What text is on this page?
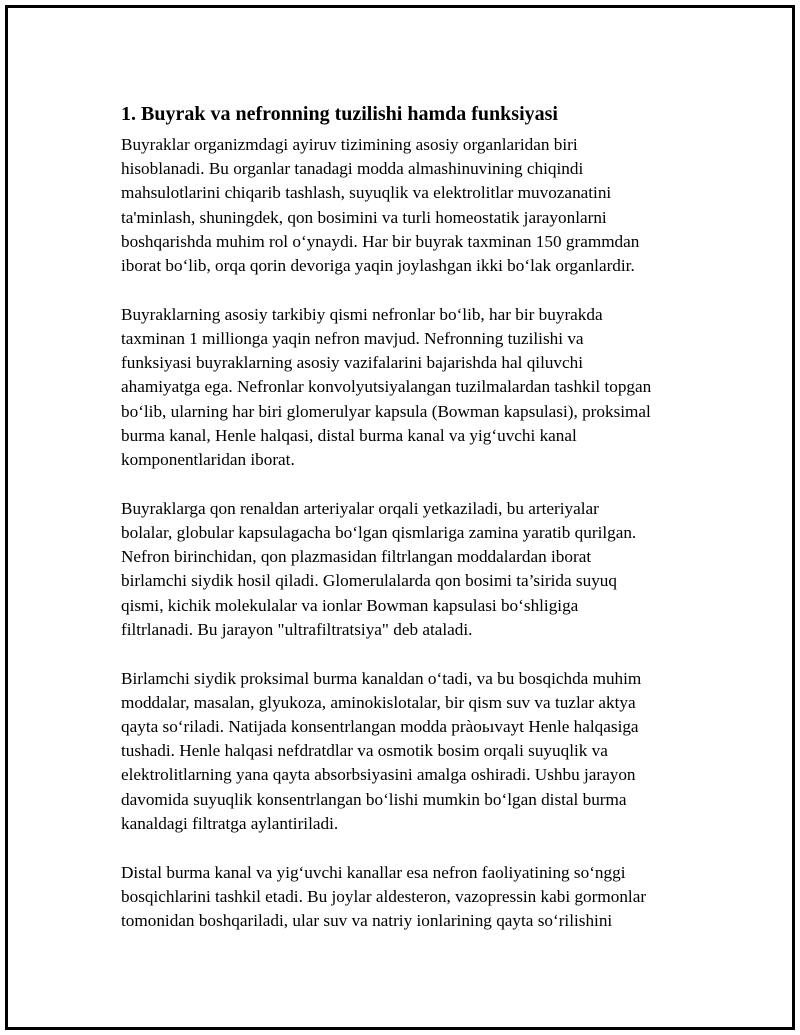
1. Buyrak va nefronning tuzilishi hamda funksiyasi

Buyraklar organizmdagi ayiruv tizimining asosiy organlaridan biri
hisoblanadi. Bu organlar tanadagi modda almashinuvining chiqindi
mahsulotlarini chiqarib tashlash, suyuqlik va elektrolitlar muvozanatini
ta'minlash, shuningdek, qon bosimini va turli homeostatik jarayonlarni
boshqarishda muhim rol o‘ynaydi. Har bir buyrak taxminan 150 grammdan
iborat bo‘lib, orqa qorin devoriga yaqin joylashgan ikki bo‘lak organlardir.

Buyraklarning asosiy tarkibiy qismi nefronlar bo‘lib, har bir buyrakda
taxminan 1 millionga yaqin nefron mavjud. Nefronning tuzilishi va
funksiyasi buyraklarning asosiy vazifalarini bajarishda hal qiluvchi
ahamiyatga ega. Nefronlar konvolyutsiyalangan tuzilmalardan tashkil topgan
bo‘lib, ularning har biri glomerulyar kapsula (Bowman kapsulasi), proksimal
burma kanal, Henle halqasi, distal burma kanal va yig‘uvchi kanal
komponentlaridan iborat.

Buyraklarga qon renaldan arteriyalar orqali yetkaziladi, bu arteriyalar
bolalar, globular kapsulagacha bo‘lgan qismlariga zamina yaratib qurilgan.
Nefron birinchidan, qon plazmasidan filtrlangan moddalardan iborat
birlamchi siydik hosil qiladi. Glomerulalarda qon bosimi ta’sirida suyuq
qismi, kichik molekulalar va ionlar Bowman kapsulasi bo‘shligiga
filtrlanadi. Bu jarayon "ultrafiltratsiya" deb ataladi.

Birlamchi siydik proksimal burma kanaldan o‘tadi, va bu bosqichda muhim
moddalar, masalan, glyukoza, aminokislotalar, bir qism suv va tuzlar aktya
qayta so‘riladi. Natijada konsentrlangan modda pràоьıvayt Henle halqasiga
tushadi. Henle halqasi nefdratdlar va osmotik bosim orqali suyuqlik va
elektrolitlarning yana qayta absorbsiyasini amalga oshiradi. Ushbu jarayon
davomida suyuqlik konsentrlangan bo‘lishi mumkin bo‘lgan distal burma
kanaldagi filtratga aylantiriladi.

Distal burma kanal va yig‘uvchi kanallar esa nefron faoliyatining so‘nggi
bosqichlarini tashkil etadi. Bu joylar aldesteron, vazopressin kabi gormonlar
tomonidan boshqariladi, ular suv va natriy ionlarining qayta so‘rilishini
